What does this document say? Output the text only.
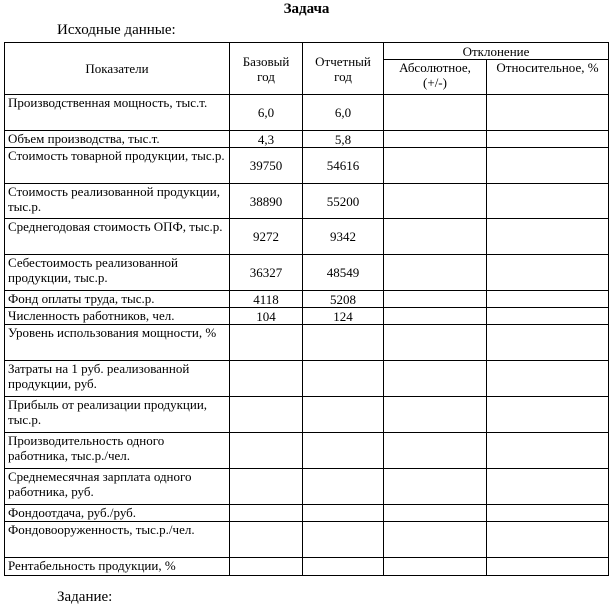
Задача
Исходные данные:
Показатели	Базовый год	Отчетный год	Отклонение	
			Абсолютное, (+/-)	Относительное, %
Производственная мощность, тыс.т.	6,0	6,0		
Объем производства, тыс.т.	4,3	5,8		
Стоимость товарной продукции, тыс.р.	39750	54616		
Стоимость реализованной продукции, тыс.р.	38890	55200		
Среднегодовая стоимость ОПФ, тыс.р.	9272	9342		
Себестоимость реализованной продукции, тыс.р.	36327	48549		
Фонд оплаты труда, тыс.р.	4118	5208		
Численность работников, чел.	104	124		
Уровень использования мощности, %				
Затраты на 1 руб. реализованной продукции, руб.				
Прибыль от реализации продукции, тыс.р.				
Производительность одного работника, тыс.р./чел.				
Среднемесячная зарплата одного работника, руб.				
Фондоотдача, руб./руб.				
Фондовооруженность, тыс.р./чел.				
Рентабельность продукции, %				
Задание:
